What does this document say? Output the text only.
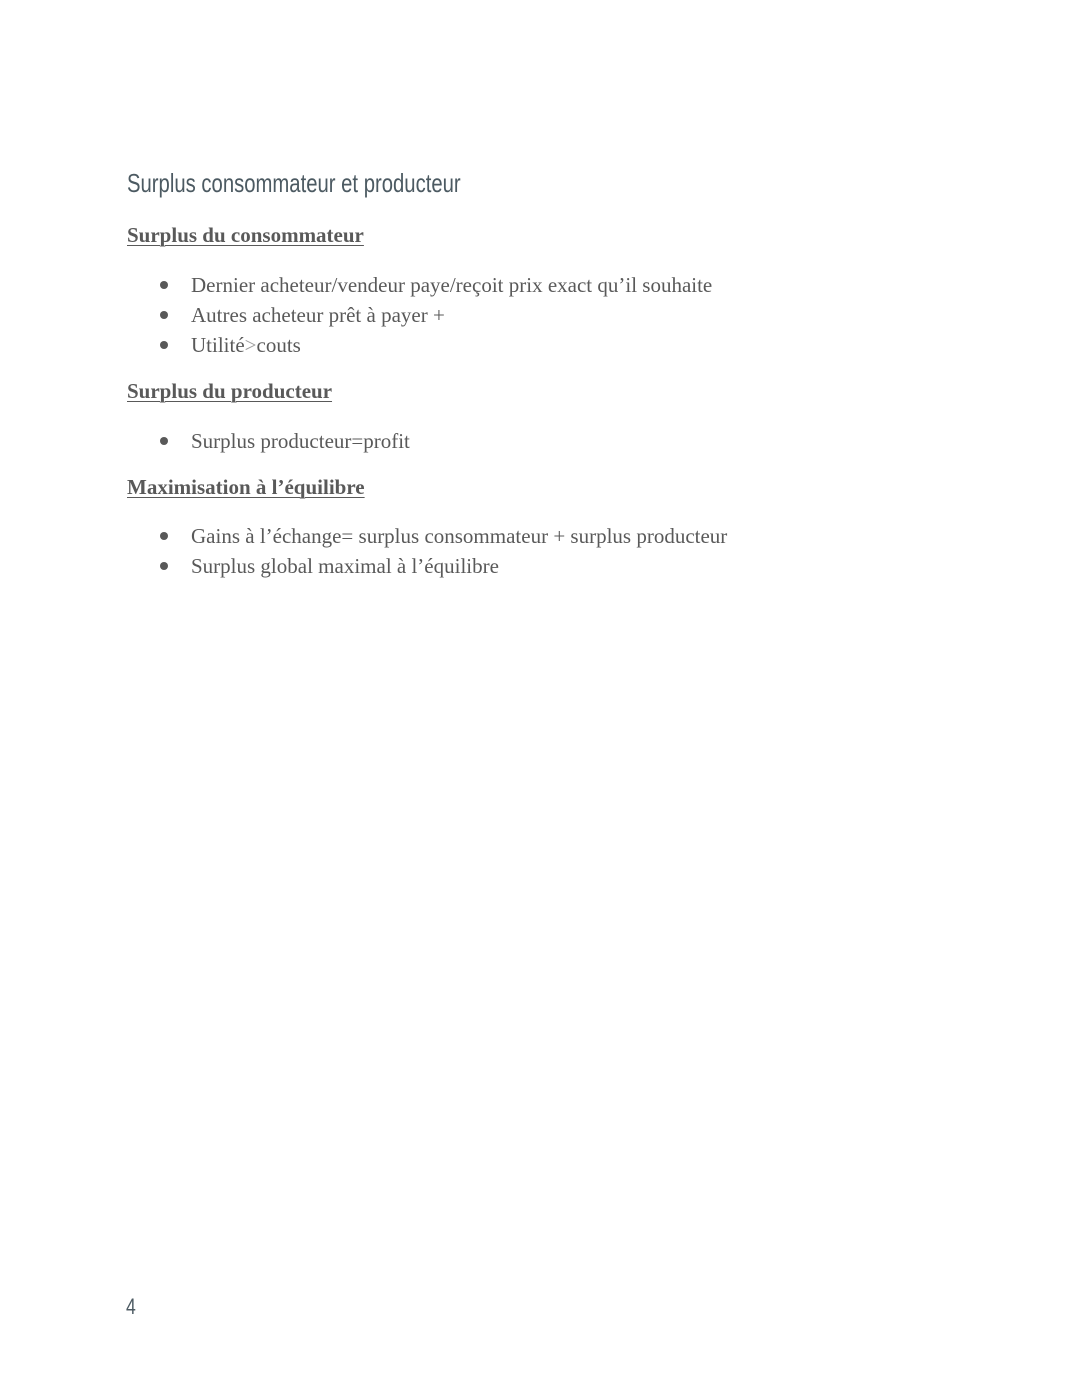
Surplus consommateur et producteur
Surplus du consommateur
Dernier acheteur/vendeur paye/reçoit prix exact qu’il souhaite
Autres acheteur prêt à payer +
Utilité>couts
Surplus du producteur
Surplus producteur=profit
Maximisation à l’équilibre
Gains à l’échange= surplus consommateur + surplus producteur
Surplus global maximal à l’équilibre
4
